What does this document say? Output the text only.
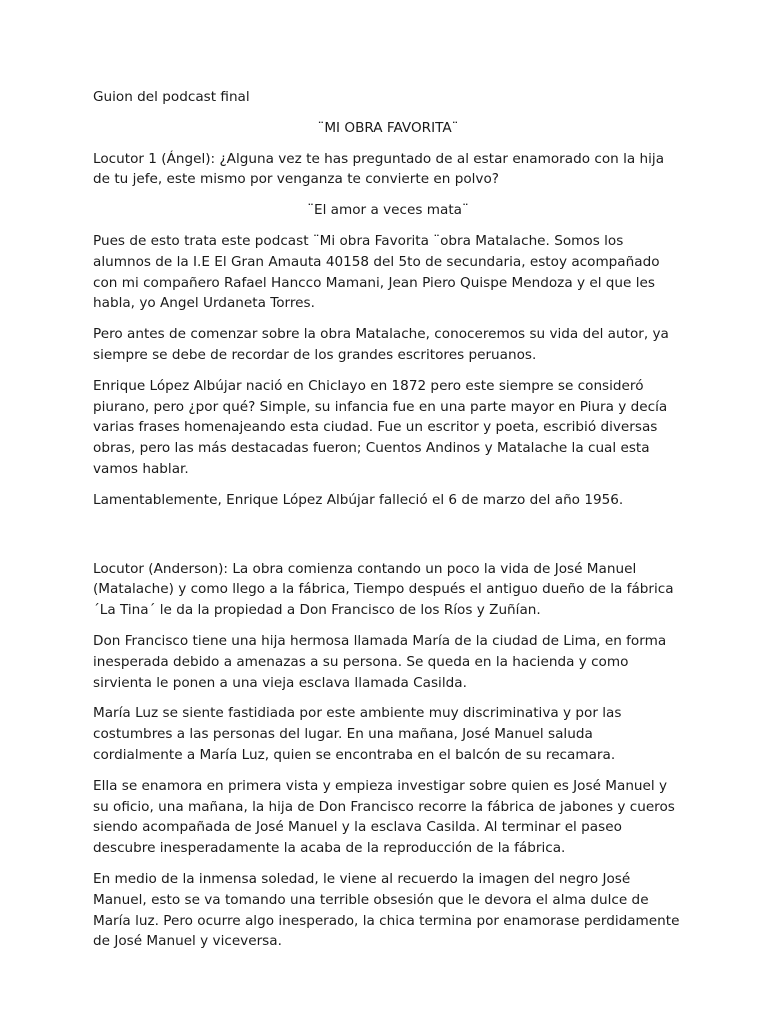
Guion del podcast final

¨MI OBRA FAVORITA¨

Locutor 1 (Ángel): ¿Alguna vez te has preguntado de al estar enamorado con la hija de tu jefe, este mismo por venganza te convierte en polvo?

¨El amor a veces mata¨

Pues de esto trata este podcast ¨Mi obra Favorita ¨obra Matalache. Somos los alumnos de la I.E El Gran Amauta 40158 del 5to de secundaria, estoy acompañado con mi compañero Rafael Hancco Mamani, Jean Piero Quispe Mendoza y el que les habla, yo Angel Urdaneta Torres.

Pero antes de comenzar sobre la obra Matalache, conoceremos su vida del autor, ya siempre se debe de recordar de los grandes escritores peruanos.

Enrique López Albújar nació en Chiclayo en 1872 pero este siempre se consideró piurano, pero ¿por qué? Simple, su infancia fue en una parte mayor en Piura y decía varias frases homenajeando esta ciudad. Fue un escritor y poeta, escribió diversas obras, pero las más destacadas fueron; Cuentos Andinos y Matalache la cual esta vamos hablar.

Lamentablemente, Enrique López Albújar falleció el 6 de marzo del año 1956.

Locutor (Anderson): La obra comienza contando un poco la vida de José Manuel (Matalache) y como llego a la fábrica, Tiempo después el antiguo dueño de la fábrica ´La Tina´ le da la propiedad a Don Francisco de los Ríos y Zuñían.

Don Francisco tiene una hija hermosa llamada María de la ciudad de Lima, en forma inesperada debido a amenazas a su persona. Se queda en la hacienda y como sirvienta le ponen a una vieja esclava llamada Casilda.

María Luz se siente fastidiada por este ambiente muy discriminativa y por las costumbres a las personas del lugar. En una mañana, José Manuel saluda cordialmente a María Luz, quien se encontraba en el balcón de su recamara.

Ella se enamora en primera vista y empieza investigar sobre quien es José Manuel y su oficio, una mañana, la hija de Don Francisco recorre la fábrica de jabones y cueros siendo acompañada de José Manuel y la esclava Casilda. Al terminar el paseo descubre inesperadamente la acaba de la reproducción de la fábrica.

En medio de la inmensa soledad, le viene al recuerdo la imagen del negro José Manuel, esto se va tomando una terrible obsesión que le devora el alma dulce de María luz. Pero ocurre algo inesperado, la chica termina por enamorase perdidamente de José Manuel y viceversa.
